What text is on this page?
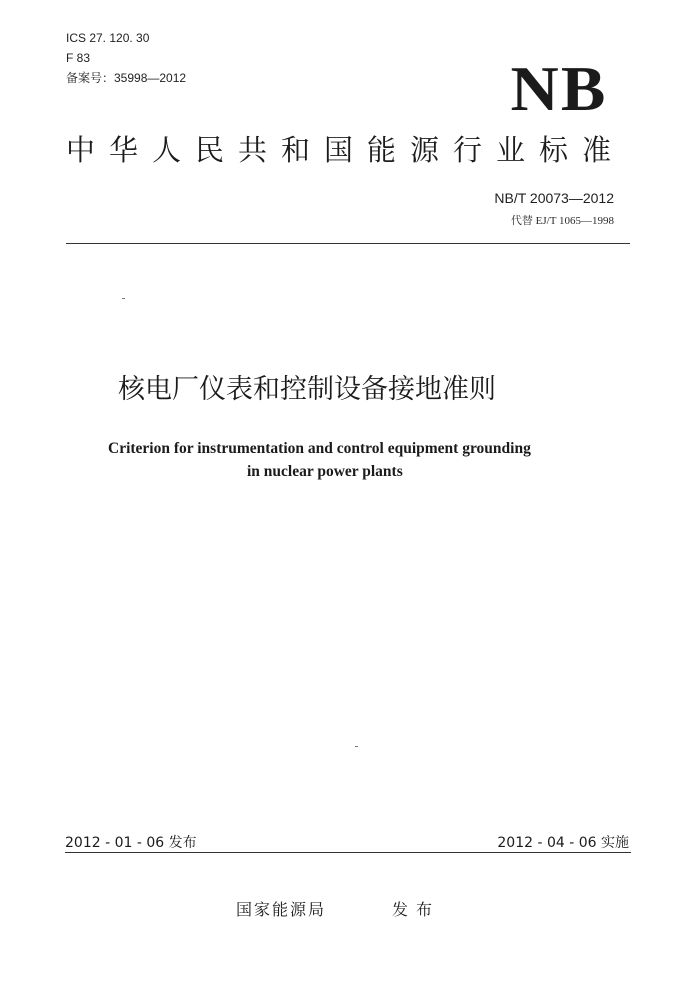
ICS 27. 120. 30
F 83
备案号：35998—2012	NB
中华人民共和国能源行业标准
NB/T 20073—2012
代替 EJ/T 1065—1998
核电厂仪表和控制设备接地准则
Criterion for instrumentation and control equipment grounding
in nuclear power plants
2012 - 01 - 06 发布	2012 - 04 - 06 实施
国家能源局	发布
